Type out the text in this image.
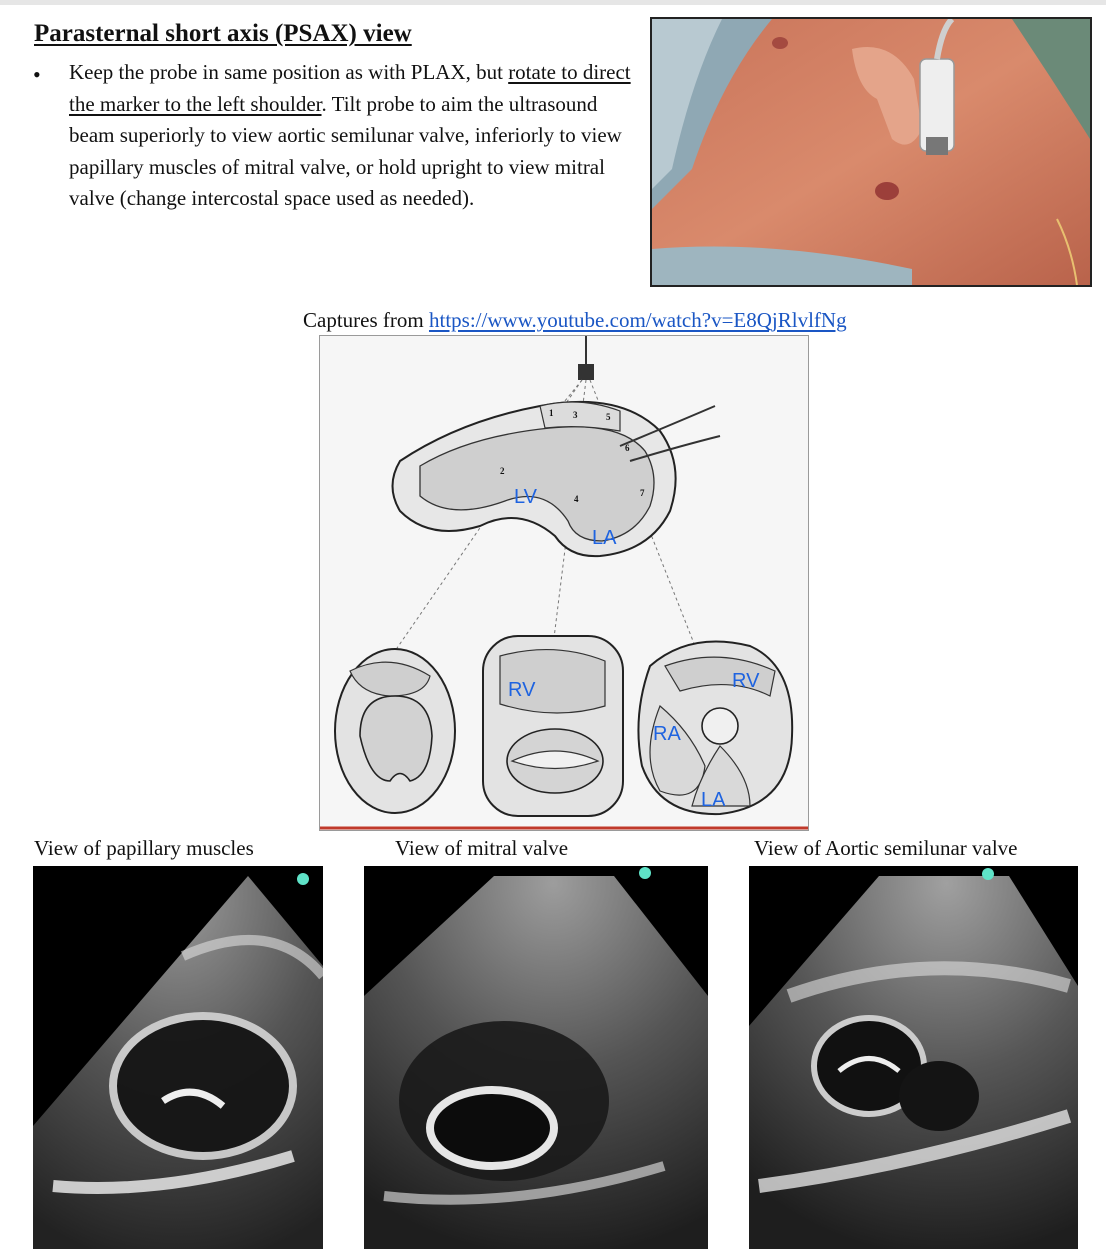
Parasternal short axis (PSAX) view
• Keep the probe in same position as with PLAX, but rotate to direct the marker to the left shoulder. Tilt probe to aim the ultrasound beam superiorly to view aortic semilunar valve, inferiorly to view papillary muscles of mitral valve, or hold upright to view mitral valve (change intercostal space used as needed).
Captures from https://www.youtube.com/watch?v=E8QjRlvlfNg
LV
LA
RV	RV
RA
LA
1
2
3
4
5
6
7
View of papillary muscles	View of mitral valve	View of Aortic semilunar valve
